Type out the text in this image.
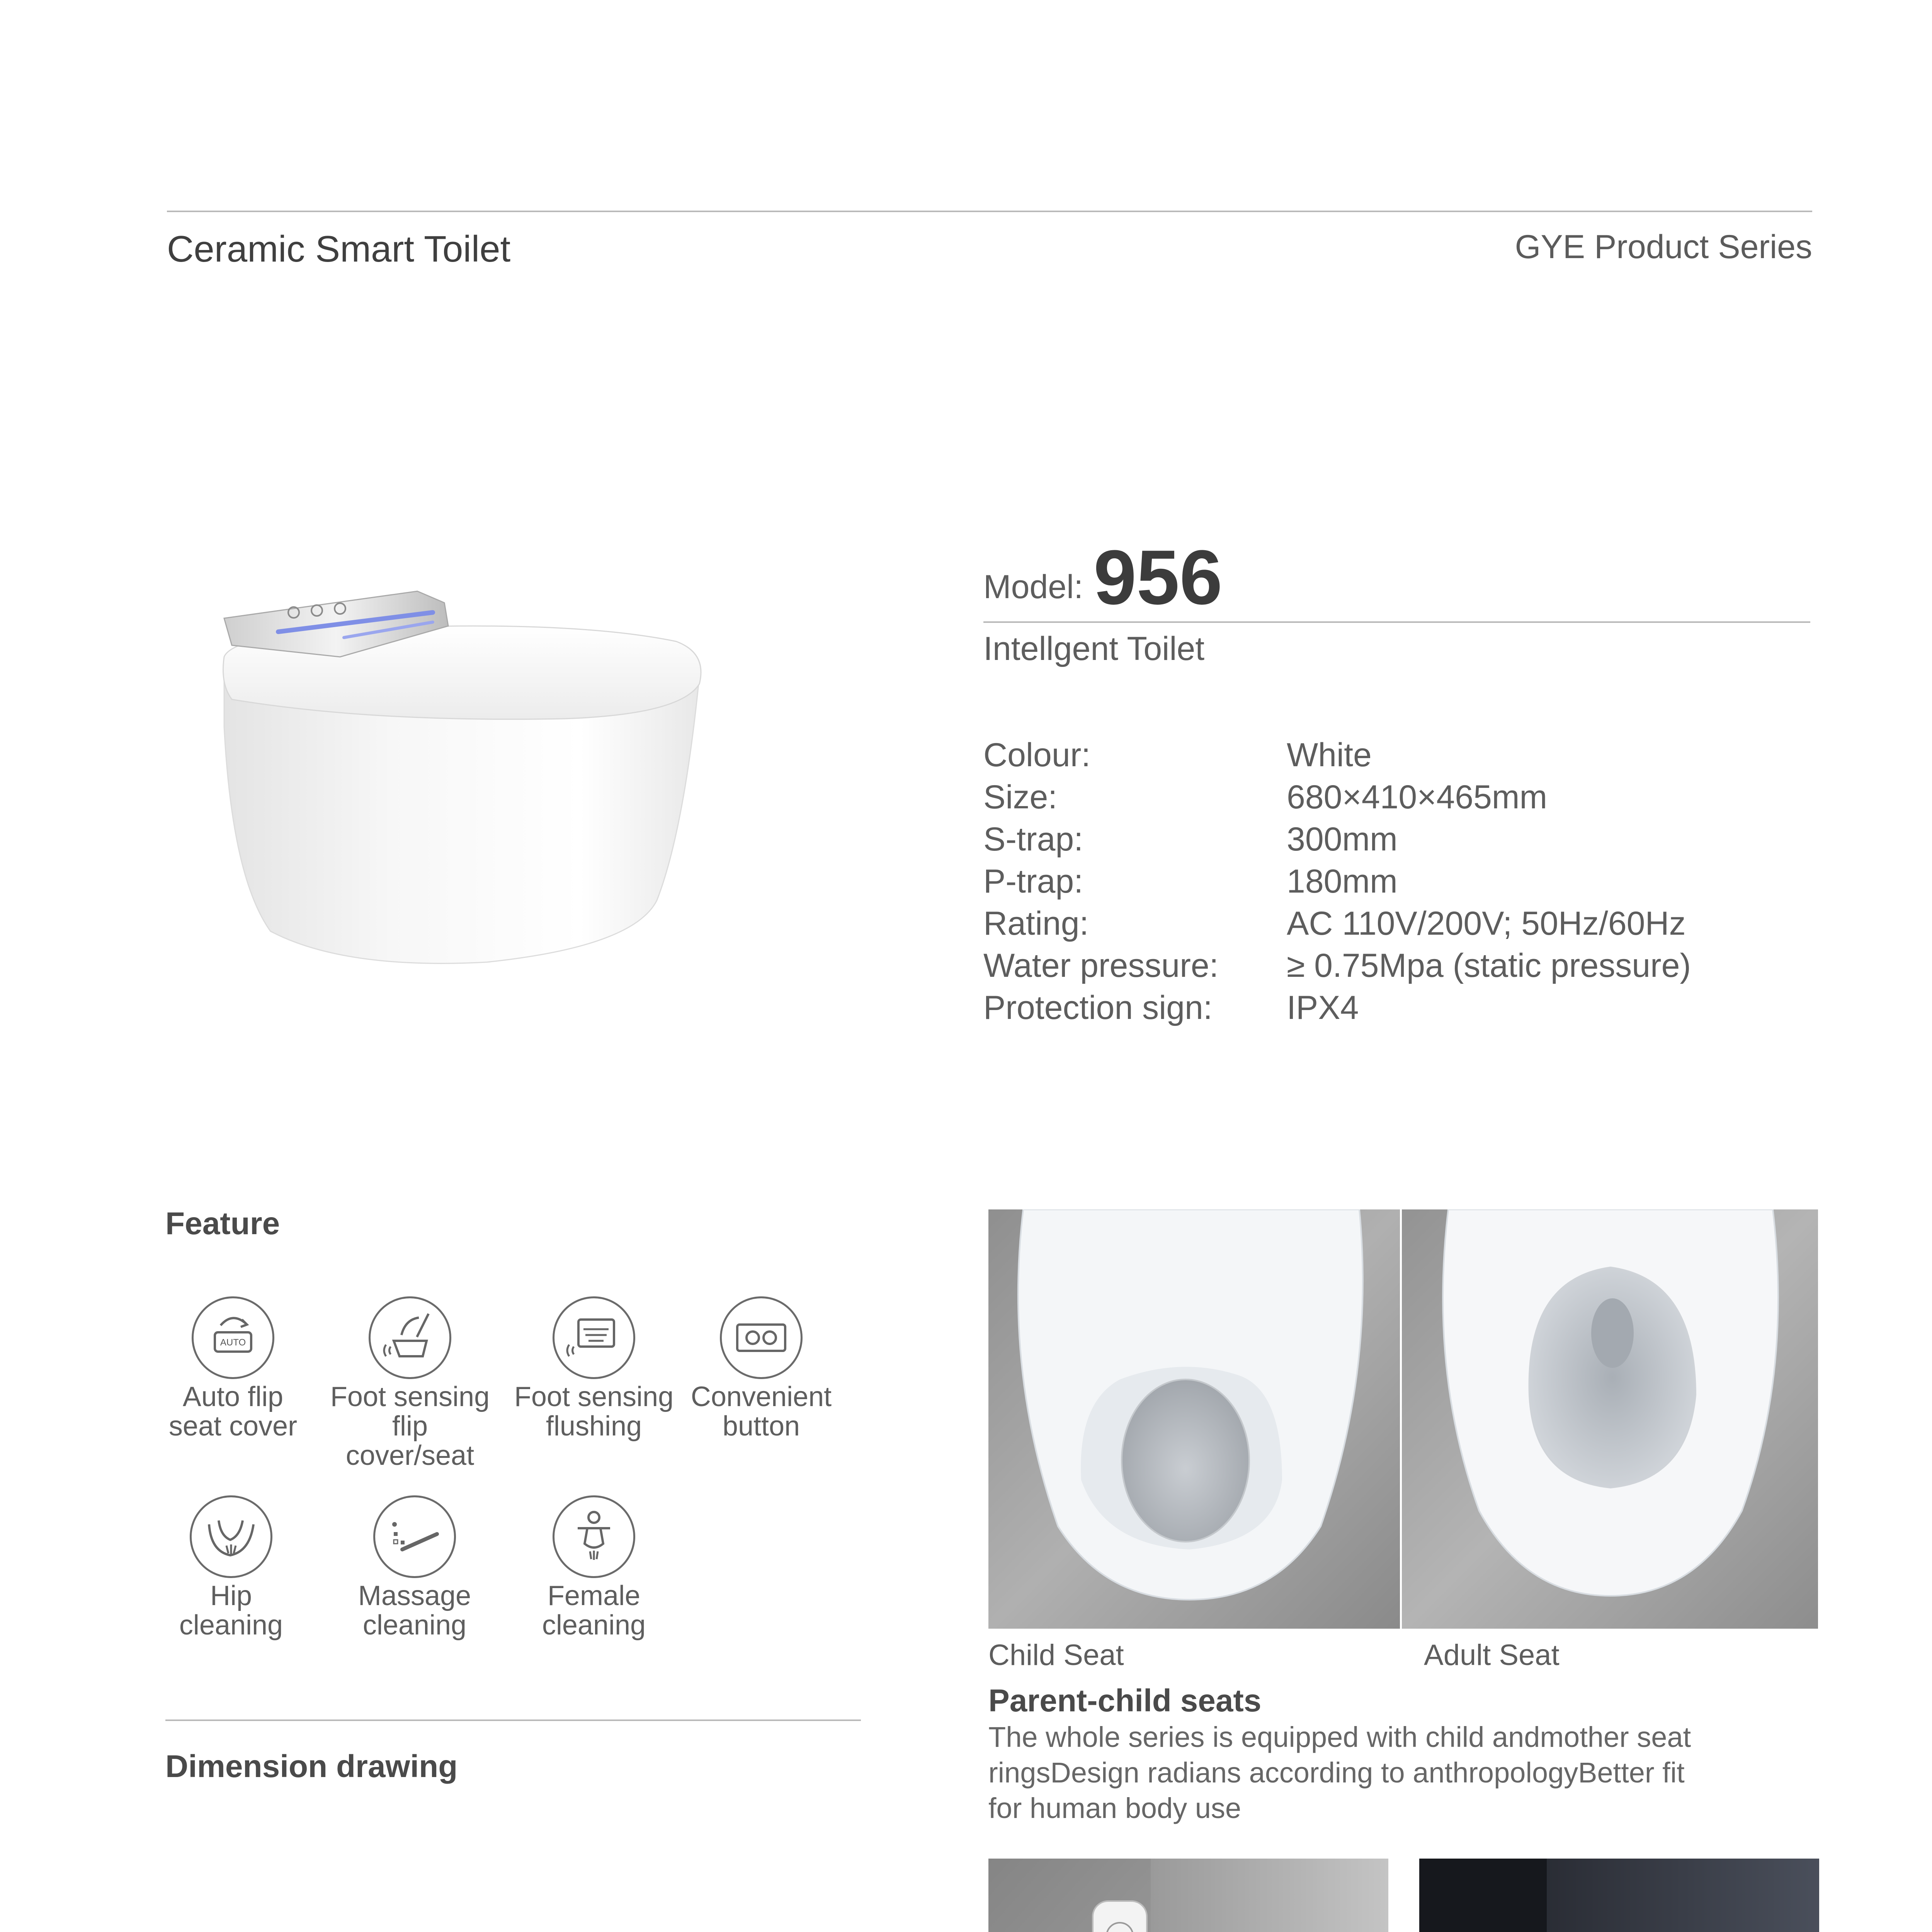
Ceramic Smart Toilet	GYE Product Series
Model: 956
Intellgent Toilet
Colour:	White
Size:	680×410×465mm
S-trap:	300mm
P-trap:	180mm
Rating:	AC 110V/200V; 50Hz/60Hz
Water pressure: ≥ 0.75Mpa (static pressure)
Protection sign: IPX4
Feature
AUTO
Auto flip
seat cover
Foot sensing
flip cover/seat
Foot sensing
flushing
Convenient
button
Hip
cleaning
Massage
cleaning
Female
cleaning
Dimension drawing
Child Seat	Adult Seat
Parent-child seats
The whole series is equipped with child andmother seat ringsDesign radians according to anthropologyBetter fit for human body use
